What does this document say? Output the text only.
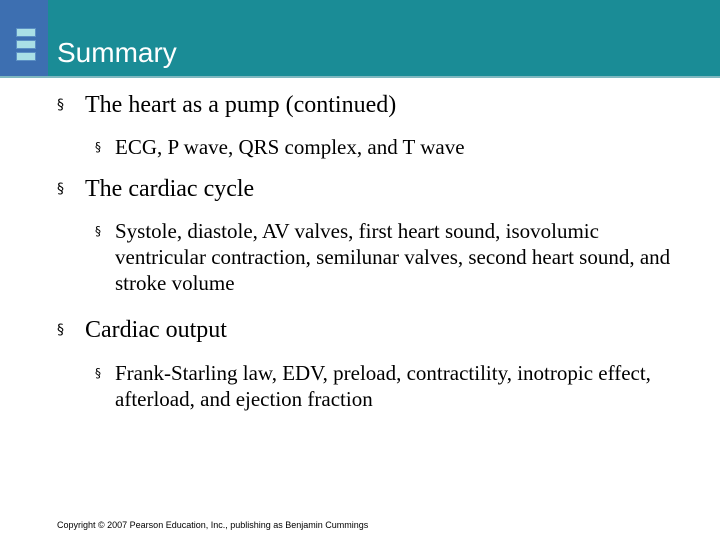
Summary
§ The heart as a pump (continued)
§ ECG, P wave, QRS complex, and T wave
§ The cardiac cycle
§ Systole, diastole, AV valves, first heart sound, isovolumic ventricular contraction, semilunar valves, second heart sound, and stroke volume
§ Cardiac output
§ Frank-Starling law, EDV, preload, contractility, inotropic effect, afterload, and ejection fraction
Copyright © 2007 Pearson Education, Inc., publishing as Benjamin Cummings
